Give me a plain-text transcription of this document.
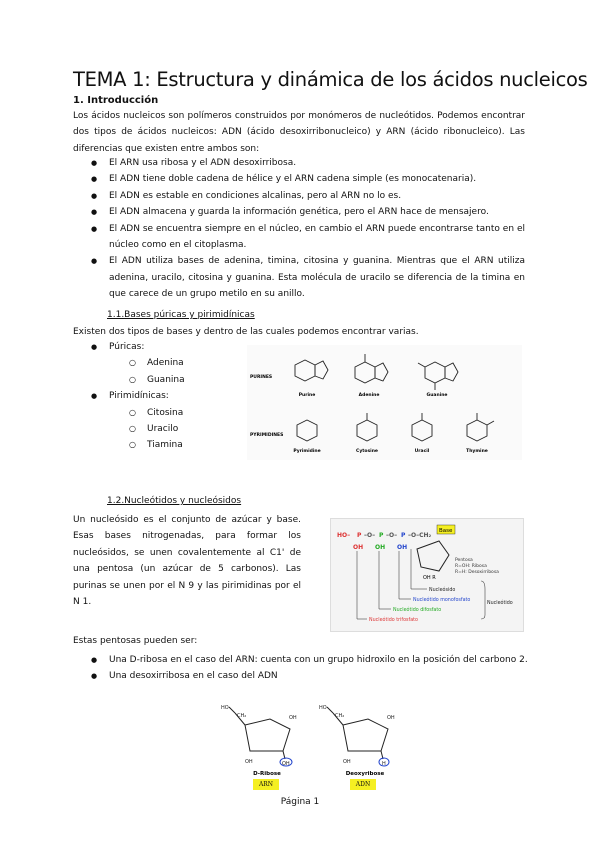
TEMA 1: Estructura y dinámica de los ácidos nucleicos
1. Introducción
Los ácidos nucleicos son polímeros construidos por monómeros de nucleótidos. Podemos encontrar dos tipos de ácidos nucleicos: ADN (ácido desoxirribonucleico) y ARN (ácido ribonucleico). Las diferencias que existen entre ambos son:
● El ARN usa ribosa y el ADN desoxirribosa.
● El ADN tiene doble cadena de hélice y el ARN cadena simple (es monocatenaria).
● El ADN es estable en condiciones alcalinas, pero al ARN no lo es.
● El ADN almacena y guarda la información genética, pero el ARN hace de mensajero.
● El ADN se encuentra siempre en el núcleo, en cambio el ARN puede encontrarse tanto en el núcleo como en el citoplasma.
● El ADN utiliza bases de adenina, timina, citosina y guanina. Mientras que el ARN utiliza adenina, uracilo, citosina y guanina. Esta molécula de uracilo se diferencia de la timina en que carece de un grupo metilo en su anillo.
1.1.Bases púricas y pirimidínicas
Existen dos tipos de bases y dentro de las cuales podemos encontrar varias.
● Púricas:
○ Adenina
○ Guanina
● Pirimidínicas:
○ Citosina
○ Uracilo
○ Tiamina
PURINES
PYRIMIDINES
Purine	Adenine	Guanine
Pyrimidine	Cytosine	Uracil	Thymine
1.2.Nucleótidos y nucleósidos
Un nucleósido es el conjunto de azúcar y base. Esas bases nitrogenadas, para formar los nucleósidos, se unen covalentemente al C1' de una pentosa (un azúcar de 5 carbonos). Las purinas se unen por el N 9 y las pirimidinas por el N 1.
HO– P –O– P –O– P –O–CH₂
OH OH OH
Base
OH R
Pentosa
R=OH: Ribosa
R=H: Desoxirribosa
Nucleósido
Nucleótido monofosfato
Nucleótido difosfato
Nucleótido trifosfato
Nucleótido
Estas pentosas pueden ser:
● Una D-ribosa en el caso del ARN: cuenta con un grupo hidroxilo en la posición del carbono 2.
● Una desoxirribosa en el caso del ADN
HO
CH₂	OH
OH	OH
HO
CH₂	OH
OH	H
D-Ribose	Deoxyribose
ARN	ADN
Página 1
